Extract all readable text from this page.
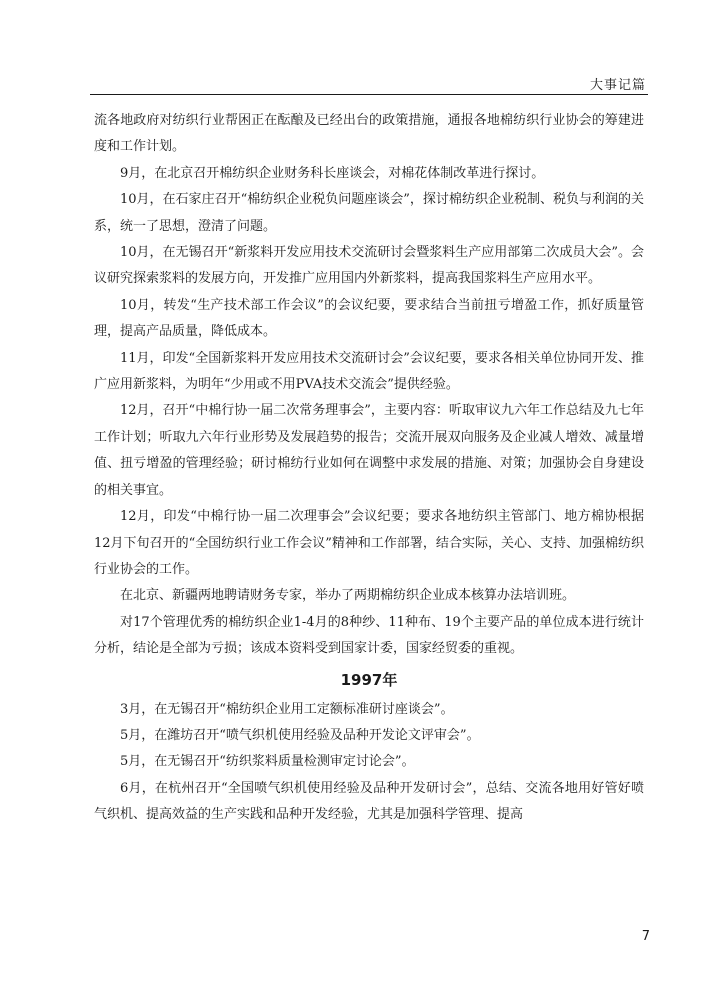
大事记篇

流各地政府对纺织行业帮困正在酝酿及已经出台的政策措施，通报各地棉纺织行业协会的筹建进度和工作计划。

9月，在北京召开棉纺织企业财务科长座谈会，对棉花体制改革进行探讨。

10月，在石家庄召开“棉纺织企业税负问题座谈会”，探讨棉纺织企业税制、税负与利润的关系，统一了思想，澄清了问题。

10月，在无锡召开“新浆料开发应用技术交流研讨会暨浆料生产应用部第二次成员大会”。会议研究探索浆料的发展方向，开发推广应用国内外新浆料，提高我国浆料生产应用水平。

10月，转发“生产技术部工作会议”的会议纪要，要求结合当前扭亏增盈工作，抓好质量管理，提高产品质量，降低成本。

11月，印发“全国新浆料开发应用技术交流研讨会”会议纪要，要求各相关单位协同开发、推广应用新浆料，为明年“少用或不用PVA技术交流会”提供经验。

12月，召开“中棉行协一届二次常务理事会”，主要内容：听取审议九六年工作总结及九七年工作计划；听取九六年行业形势及发展趋势的报告；交流开展双向服务及企业减人增效、减量增值、扭亏增盈的管理经验；研讨棉纺行业如何在调整中求发展的措施、对策；加强协会自身建设的相关事宜。

12月，印发“中棉行协一届二次理事会”会议纪要；要求各地纺织主管部门、地方棉协根据12月下旬召开的“全国纺织行业工作会议”精神和工作部署，结合实际，关心、支持、加强棉纺织行业协会的工作。

在北京、新疆两地聘请财务专家，举办了两期棉纺织企业成本核算办法培训班。

对17个管理优秀的棉纺织企业1-4月的8种纱、11种布、19个主要产品的单位成本进行统计分析，结论是全部为亏损；该成本资料受到国家计委，国家经贸委的重视。

1997年

3月，在无锡召开“棉纺织企业用工定额标准研讨座谈会”。

5月，在潍坊召开“喷气织机使用经验及品种开发论文评审会”。

5月，在无锡召开“纺织浆料质量检测审定讨论会”。

6月，在杭州召开“全国喷气织机使用经验及品种开发研讨会”，总结、交流各地用好管好喷气织机、提高效益的生产实践和品种开发经验，尤其是加强科学管理、提高

7
